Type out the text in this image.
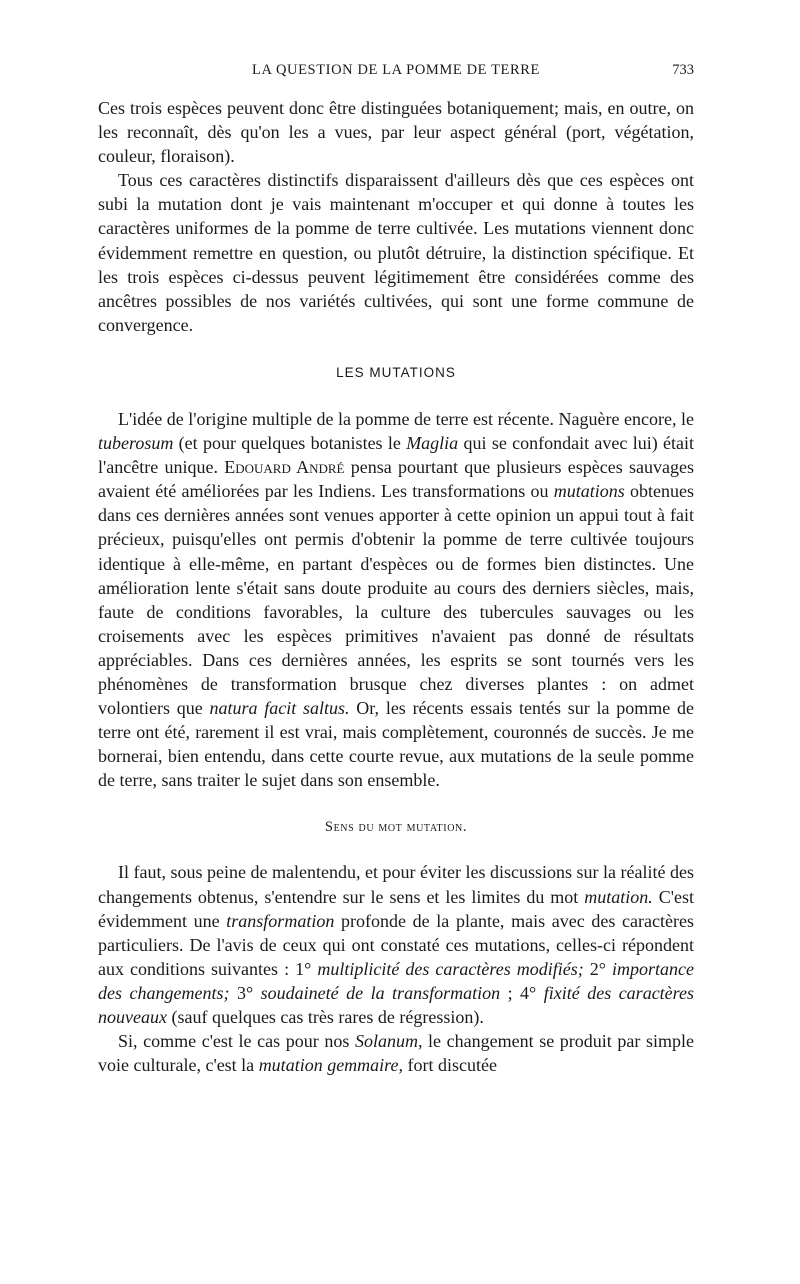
LA QUESTION DE LA POMME DE TERRE	733

Ces trois espèces peuvent donc être distinguées botaniquement; mais, en outre, on les reconnaît, dès qu'on les a vues, par leur aspect général (port, végétation, couleur, floraison).

Tous ces caractères distinctifs disparaissent d'ailleurs dès que ces espèces ont subi la mutation dont je vais maintenant m'occuper et qui donne à toutes les caractères uniformes de la pomme de terre cultivée. Les mutations viennent donc évidemment remettre en question, ou plutôt détruire, la distinction spécifique. Et les trois espèces ci-dessus peuvent légitimement être considérées comme des ancêtres possibles de nos variétés cultivées, qui sont une forme commune de convergence.

LES MUTATIONS

L'idée de l'origine multiple de la pomme de terre est récente. Naguère encore, le tuberosum (et pour quelques botanistes le Maglia qui se confondait avec lui) était l'ancêtre unique. Edouard André pensa pourtant que plusieurs espèces sauvages avaient été améliorées par les Indiens. Les transformations ou mutations obtenues dans ces dernières années sont venues apporter à cette opinion un appui tout à fait précieux, puisqu'elles ont permis d'obtenir la pomme de terre cultivée toujours identique à elle-même, en partant d'espèces ou de formes bien distinctes. Une amélioration lente s'était sans doute produite au cours des derniers siècles, mais, faute de conditions favorables, la culture des tubercules sauvages ou les croisements avec les espèces primitives n'avaient pas donné de résultats appréciables. Dans ces dernières années, les esprits se sont tournés vers les phénomènes de transformation brusque chez diverses plantes : on admet volontiers que natura facit saltus. Or, les récents essais tentés sur la pomme de terre ont été, rarement il est vrai, mais complètement, couronnés de succès. Je me bornerai, bien entendu, dans cette courte revue, aux mutations de la seule pomme de terre, sans traiter le sujet dans son ensemble.

Sens du mot mutation.

Il faut, sous peine de malentendu, et pour éviter les discussions sur la réalité des changements obtenus, s'entendre sur le sens et les limites du mot mutation. C'est évidemment une transformation profonde de la plante, mais avec des caractères particuliers. De l'avis de ceux qui ont constaté ces mutations, celles-ci répondent aux conditions suivantes : 1° multiplicité des caractères modifiés; 2° importance des changements; 3° soudaineté de la transformation ; 4° fixité des caractères nouveaux (sauf quelques cas très rares de régression).

Si, comme c'est le cas pour nos Solanum, le changement se produit par simple voie culturale, c'est la mutation gemmaire, fort discutée
